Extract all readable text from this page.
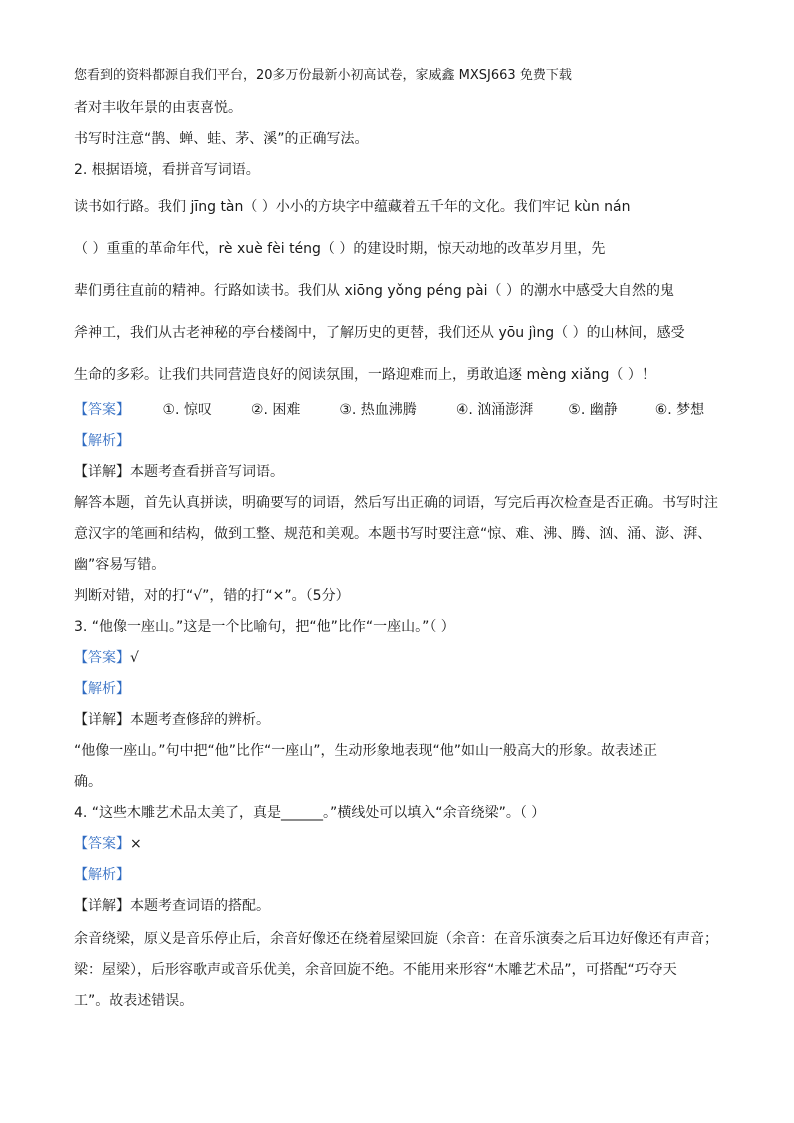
您看到的资料都源自我们平台，20多万份最新小初高试卷，家威鑫 MXSJ663 免费下载
者对丰收年景的由衷喜悦。
书写时注意“鹊、蝉、蛙、茅、溪”的正确写法。
2. 根据语境，看拼音写词语。
读书如行路。我们 jīng tàn（ ）小小的方块字中蕴藏着五千年的文化。我们牢记 kùn nán
（ ）重重的革命年代，rè xuè fèi téng（ ）的建设时期，惊天动地的改革岁月里，先
辈们勇往直前的精神。行路如读书。我们从 xiōng yǒng péng pài（ ）的潮水中感受大自然的鬼
斧神工，我们从古老神秘的亭台楼阁中，了解历史的更替，我们还从 yōu jìng（ ）的山林间，感受
生命的多彩。让我们共同营造良好的阅读氛围，一路迎难而上，勇敢追逐 mèng xiǎng（ ）！
【答案】 ①. 惊叹	②. 困难	③. 热血沸腾	④. 汹涌澎湃	⑤. 幽静	⑥. 梦想
【解析】
【详解】本题考查看拼音写词语。
解答本题，首先认真拼读，明确要写的词语，然后写出正确的词语，写完后再次检查是否正确。书写时注
意汉字的笔画和结构，做到工整、规范和美观。本题书写时要注意“惊、难、沸、腾、汹、涌、澎、湃、
幽”容易写错。
判断对错，对的打“√”，错的打“×”。（5分）
3. “他像一座山。”这是一个比喻句，把“他”比作“一座山。”（ ）
【答案】√
【解析】
【详解】本题考查修辞的辨析。
“他像一座山。”句中把“他”比作“一座山”，生动形象地表现“他”如山一般高大的形象。故表述正
确。
4. “这些木雕艺术品太美了，真是______。”横线处可以填入“余音绕梁”。（ ）
【答案】×
【解析】
【详解】本题考查词语的搭配。
余音绕梁，原义是音乐停止后，余音好像还在绕着屋梁回旋（余音：在音乐演奏之后耳边好像还有声音；
梁：屋梁），后形容歌声或音乐优美，余音回旋不绝。不能用来形容“木雕艺术品”，可搭配“巧夺天
工”。故表述错误。
